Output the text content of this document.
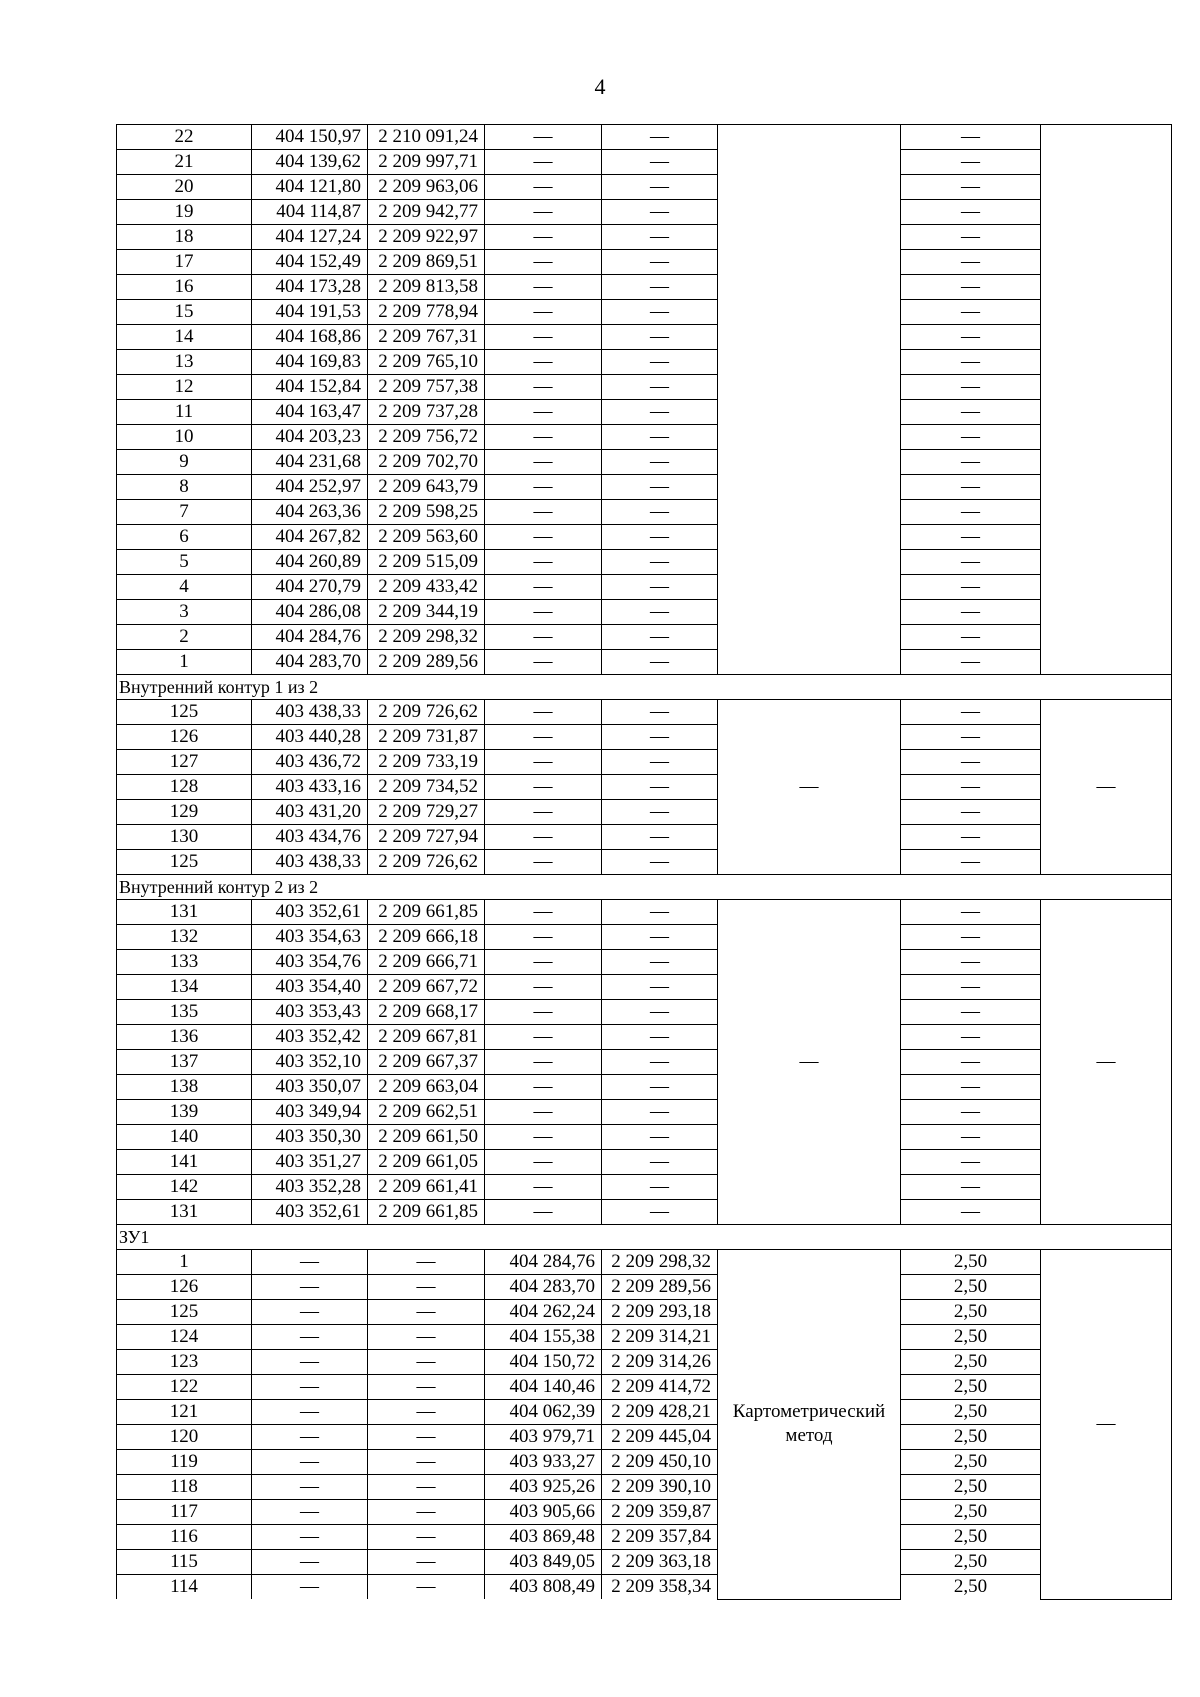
4
22	404 150,97	2 210 091,24	—	—		—	
21	404 139,62	2 209 997,71	—	—		—	
20	404 121,80	2 209 963,06	—	—		—	
19	404 114,87	2 209 942,77	—	—		—	
18	404 127,24	2 209 922,97	—	—		—	
17	404 152,49	2 209 869,51	—	—		—	
16	404 173,28	2 209 813,58	—	—		—	
15	404 191,53	2 209 778,94	—	—		—	
14	404 168,86	2 209 767,31	—	—		—	
13	404 169,83	2 209 765,10	—	—		—	
12	404 152,84	2 209 757,38	—	—		—	
11	404 163,47	2 209 737,28	—	—		—	
10	404 203,23	2 209 756,72	—	—		—	
9	404 231,68	2 209 702,70	—	—		—	
8	404 252,97	2 209 643,79	—	—		—	
7	404 263,36	2 209 598,25	—	—		—	
6	404 267,82	2 209 563,60	—	—		—	
5	404 260,89	2 209 515,09	—	—		—	
4	404 270,79	2 209 433,42	—	—		—	
3	404 286,08	2 209 344,19	—	—		—	
2	404 284,76	2 209 298,32	—	—		—	
1	404 283,70	2 209 289,56	—	—		—	
Внутренний контур 1 из 2							
125	403 438,33	2 209 726,62	—	—	—	—	—
126	403 440,28	2 209 731,87	—	—		—	
127	403 436,72	2 209 733,19	—	—		—	
128	403 433,16	2 209 734,52	—	—		—	
129	403 431,20	2 209 729,27	—	—		—	
130	403 434,76	2 209 727,94	—	—		—	
125	403 438,33	2 209 726,62	—	—		—	
Внутренний контур 2 из 2							
131	403 352,61	2 209 661,85	—	—	—	—	—
132	403 354,63	2 209 666,18	—	—		—	
133	403 354,76	2 209 666,71	—	—		—	
134	403 354,40	2 209 667,72	—	—		—	
135	403 353,43	2 209 668,17	—	—		—	
136	403 352,42	2 209 667,81	—	—		—	
137	403 352,10	2 209 667,37	—	—		—	
138	403 350,07	2 209 663,04	—	—		—	
139	403 349,94	2 209 662,51	—	—		—	
140	403 350,30	2 209 661,50	—	—		—	
141	403 351,27	2 209 661,05	—	—		—	
142	403 352,28	2 209 661,41	—	—		—	
131	403 352,61	2 209 661,85	—	—		—	
ЗУ1							
1	—	—	404 284,76	2 209 298,32	Картометрический метод	2,50	—
126	—	—	404 283,70	2 209 289,56		2,50	
125	—	—	404 262,24	2 209 293,18		2,50	
124	—	—	404 155,38	2 209 314,21		2,50	
123	—	—	404 150,72	2 209 314,26		2,50	
122	—	—	404 140,46	2 209 414,72		2,50	
121	—	—	404 062,39	2 209 428,21		2,50	
120	—	—	403 979,71	2 209 445,04		2,50	
119	—	—	403 933,27	2 209 450,10		2,50	
118	—	—	403 925,26	2 209 390,10		2,50	
117	—	—	403 905,66	2 209 359,87		2,50	
116	—	—	403 869,48	2 209 357,84		2,50	
115	—	—	403 849,05	2 209 363,18		2,50	
114	—	—	403 808,49	2 209 358,34		2,50	
